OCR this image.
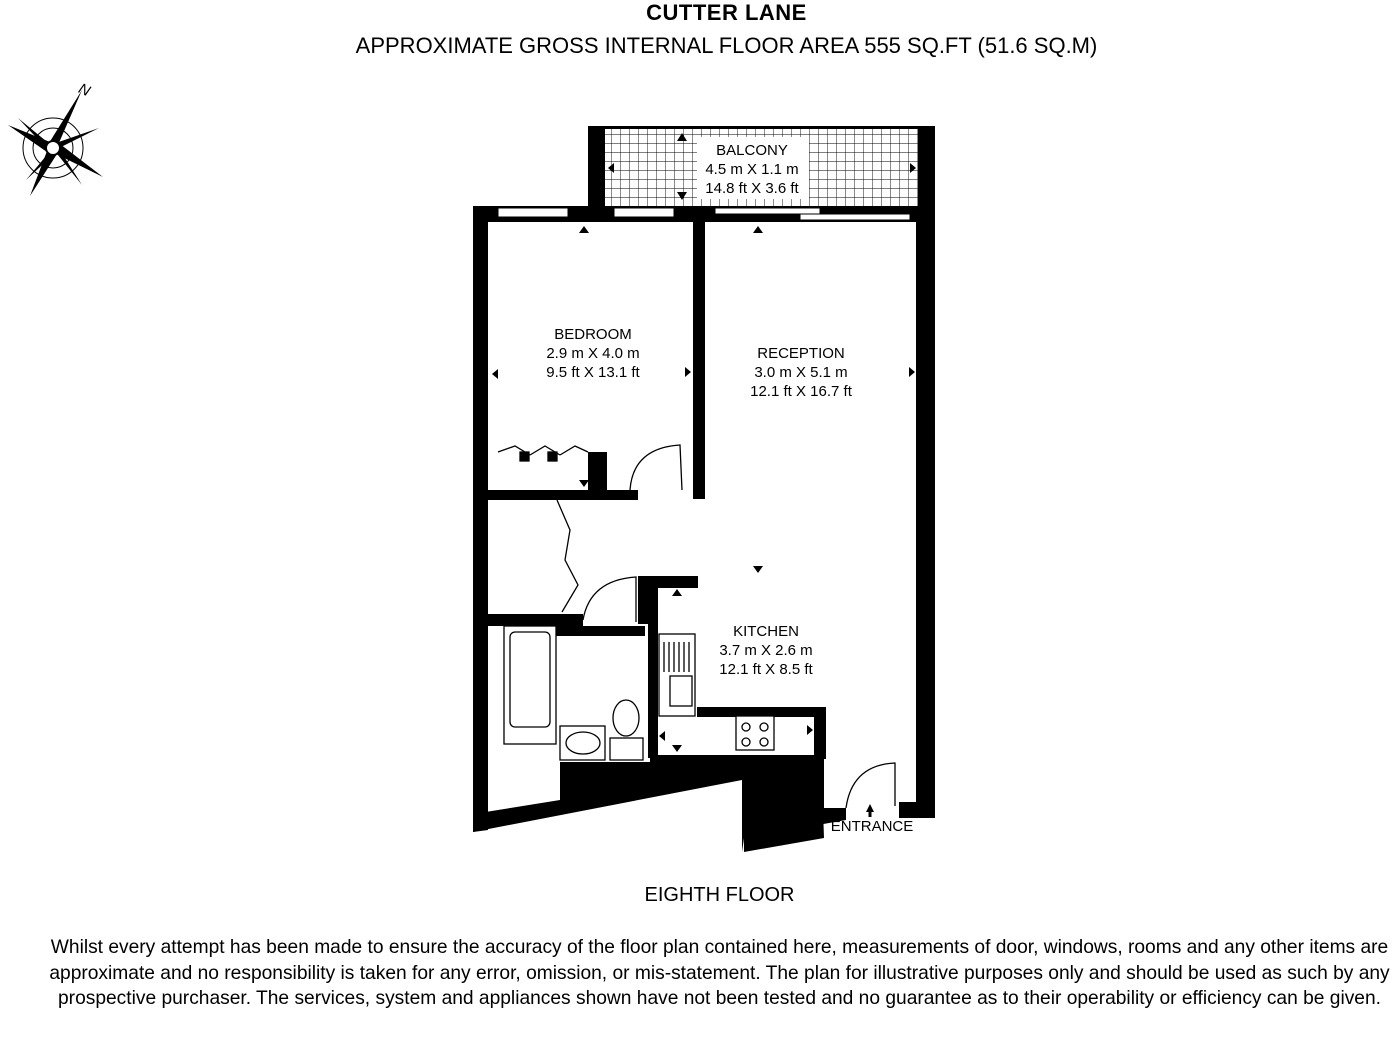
CUTTER LANE
APPROXIMATE GROSS INTERNAL FLOOR AREA 555 SQ.FT (51.6 SQ.M)
N
BALCONY
4.5 m X 1.1 m
14.8 ft X 3.6 ft
BEDROOM
2.9 m X 4.0 m
9.5 ft X 13.1 ft
RECEPTION
3.0 m X 5.1 m
12.1 ft X 16.7 ft
KITCHEN
3.7 m X 2.6 m
12.1 ft X 8.5 ft
ENTRANCE
EIGHTH FLOOR
Whilst every attempt has been made to ensure the accuracy of the floor plan contained here, measurements of door, windows, rooms and any other items are approximate and no responsibility is taken for any error, omission, or mis-statement. The plan for illustrative purposes only and should be used as such by any prospective purchaser. The services, system and appliances shown have not been tested and no guarantee as to their operability or efficiency can be given.
